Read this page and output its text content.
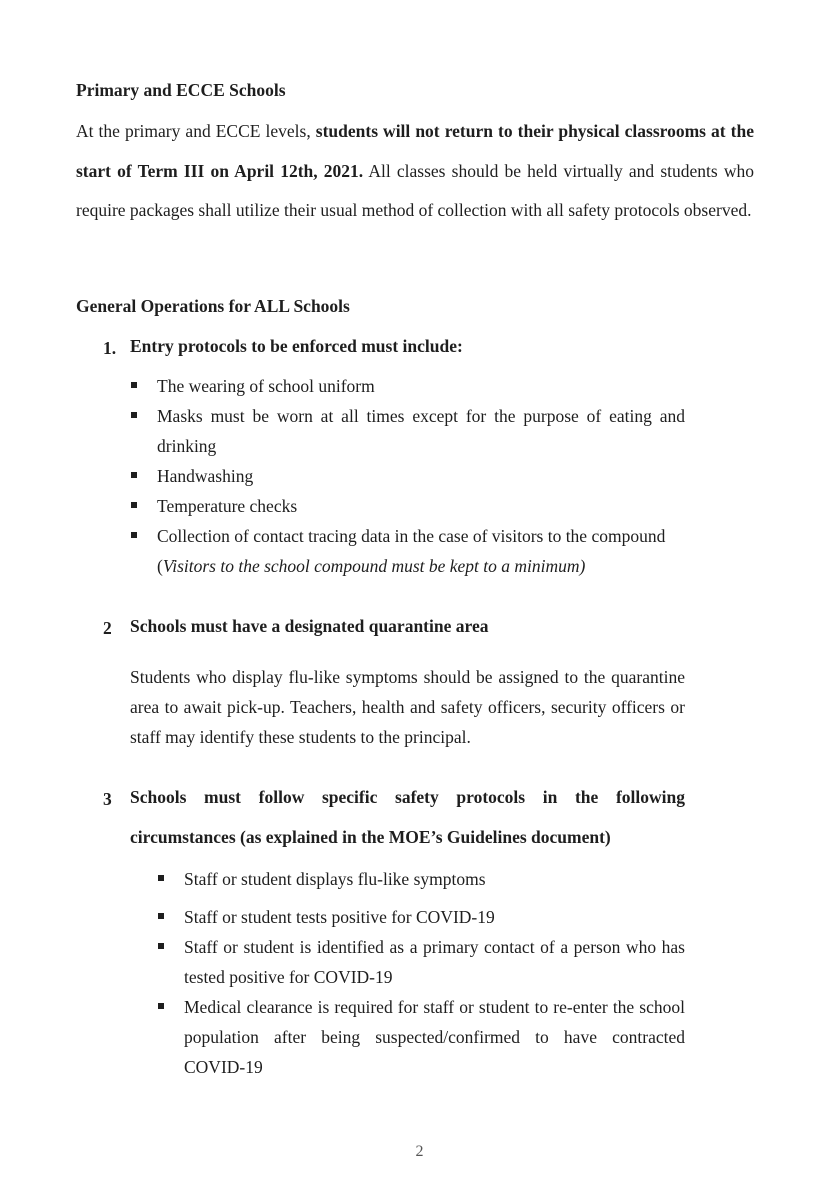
Primary and ECCE Schools

At the primary and ECCE levels, students will not return to their physical classrooms at the start of Term III on April 12th, 2021. All classes should be held virtually and students who require packages shall utilize their usual method of collection with all safety protocols observed.

General Operations for ALL Schools
1. Entry protocols to be enforced must include:
The wearing of school uniform
Masks must be worn at all times except for the purpose of eating and drinking
Handwashing
Temperature checks
Collection of contact tracing data in the case of visitors to the compound
(Visitors to the school compound must be kept to a minimum)
2 Schools must have a designated quarantine area
Students who display flu-like symptoms should be assigned to the quarantine area to await pick-up. Teachers, health and safety officers, security officers or staff may identify these students to the principal.
3 Schools must follow specific safety protocols in the following circumstances (as explained in the MOE’s Guidelines document)
Staff or student displays flu-like symptoms
Staff or student tests positive for COVID-19
Staff or student is identified as a primary contact of a person who has tested positive for COVID-19
Medical clearance is required for staff or student to re-enter the school population after being suspected/confirmed to have contracted COVID-19
2
